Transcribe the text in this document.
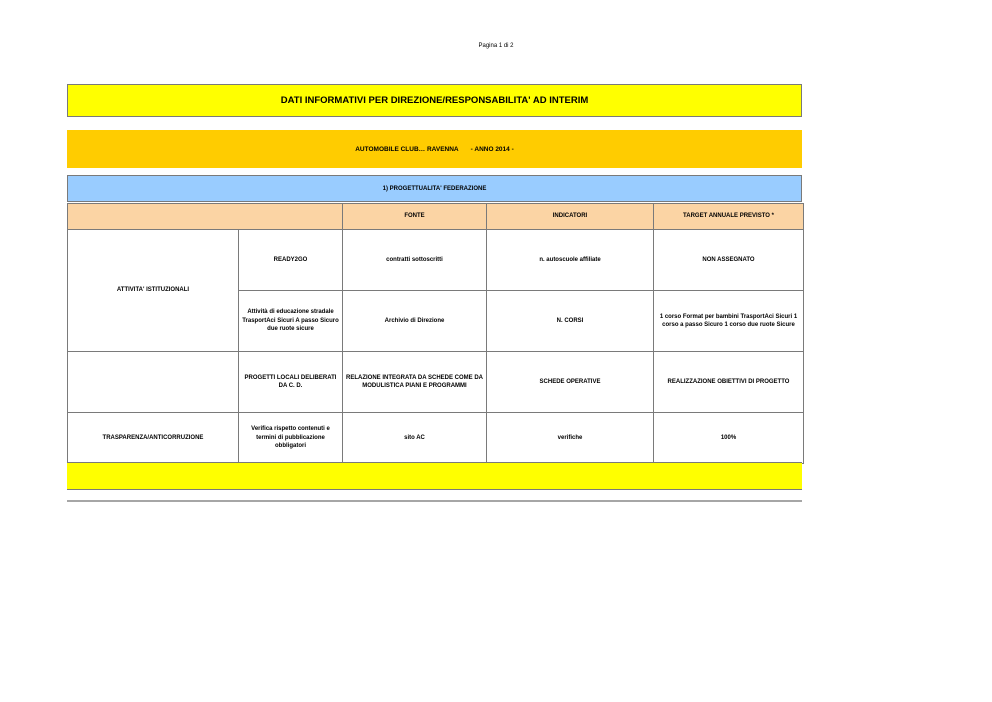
Pagina 1 di 2
DATI INFORMATIVI PER DIREZIONE/RESPONSABILITA' AD INTERIM
AUTOMOBILE CLUB… RAVENNA - ANNO 2014 -
1) PROGETTUALITA' FEDERAZIONE
		FONTE	INDICATORI	TARGET ANNUALE PREVISTO *
ATTIVITA' ISTITUZIONALI	READY2GO	contratti sottoscritti	n. autoscuole affiliate	NON ASSEGNATO
	Attività di educazione stradale TrasportAci Sicuri A passo Sicuro due ruote sicure	Archivio di Direzione	N. CORSI	1 corso Format per bambini TrasportAci Sicuri 1 corso a passo Sicuro 1 corso due ruote Sicure
	PROGETTI LOCALI DELIBERATI DA C. D.	RELAZIONE INTEGRATA DA SCHEDE COME DA MODULISTICA PIANI E PROGRAMMI	SCHEDE OPERATIVE	REALIZZAZIONE OBIETTIVI DI PROGETTO
TRASPARENZA/ANTICORRUZIONE	Verifica rispetto contenuti e termini di pubblicazione obbligatori	sito AC	verifiche	100%
